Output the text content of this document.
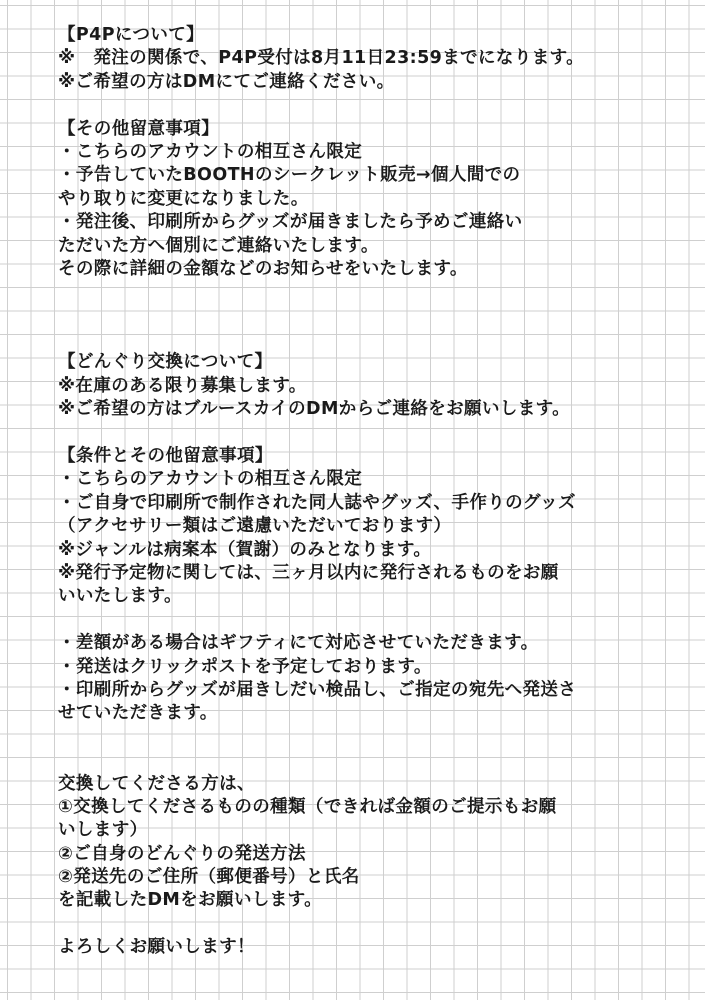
【P4Pについて】
※　発注の関係で、P4P受付は8月11日23:59までになります。
※ご希望の方はDMにてご連絡ください。
【その他留意事項】
・こちらのアカウントの相互さん限定
・予告していたBOOTHのシークレット販売→個人間での
やり取りに変更になりました。
・発注後、印刷所からグッズが届きましたら予めご連絡い
ただいた方へ個別にご連絡いたします。
その際に詳細の金額などのお知らせをいたします。
【どんぐり交換について】
※在庫のある限り募集します。
※ご希望の方はブルースカイのDMからご連絡をお願いします。
【条件とその他留意事項】
・こちらのアカウントの相互さん限定
・ご自身で印刷所で制作された同人誌やグッズ、手作りのグッズ
（アクセサリー類はご遠慮いただいております）
※ジャンルは病案本（賀謝）のみとなります。
※発行予定物に関しては、三ヶ月以内に発行されるものをお願
いいたします。
・差額がある場合はギフティにて対応させていただきます。
・発送はクリックポストを予定しております。
・印刷所からグッズが届きしだい検品し、ご指定の宛先へ発送さ
せていただきます。
交換してくださる方は、
①交換してくださるものの種類（できれば金額のご提示もお願
いします）
②ご自身のどんぐりの発送方法
②発送先のご住所（郵便番号）と氏名
を記載したDMをお願いします。
よろしくお願いします！
